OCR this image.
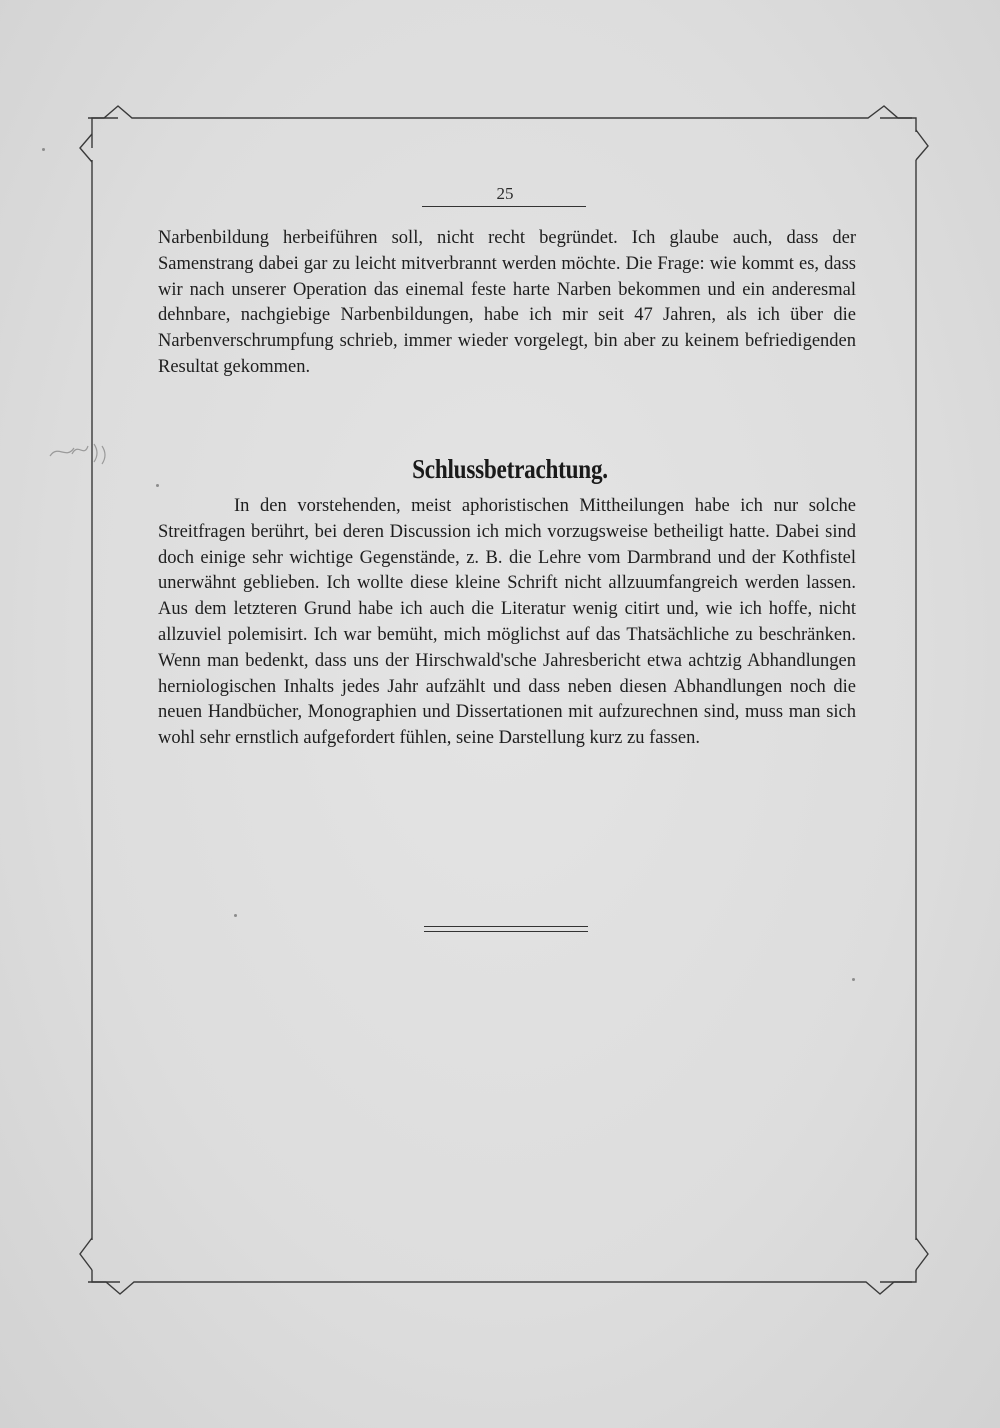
25

Narbenbildung herbeiführen soll, nicht recht begründet. Ich glaube auch, dass der Samenstrang dabei gar zu leicht mitverbrannt werden möchte. Die Frage: wie kommt es, dass wir nach unserer Operation das einemal feste harte Narben bekommen und ein anderesmal dehnbare, nachgiebige Narbenbildungen, habe ich mir seit 47 Jahren, als ich über die Narbenverschrumpfung schrieb, immer wieder vorgelegt, bin aber zu keinem befriedigenden Resultat gekommen.

Schlussbetrachtung.

In den vorstehenden, meist aphoristischen Mittheilungen habe ich nur solche Streitfragen berührt, bei deren Discussion ich mich vorzugsweise betheiligt hatte. Dabei sind doch einige sehr wichtige Gegenstände, z. B. die Lehre vom Darmbrand und der Kothfistel unerwähnt geblieben. Ich wollte diese kleine Schrift nicht allzuumfangreich werden lassen. Aus dem letzteren Grund habe ich auch die Literatur wenig citirt und, wie ich hoffe, nicht allzuviel polemisirt. Ich war bemüht, mich möglichst auf das Thatsächliche zu beschränken. Wenn man bedenkt, dass uns der Hirschwald'sche Jahresbericht etwa achtzig Abhandlungen herniologischen Inhalts jedes Jahr aufzählt und dass neben diesen Abhandlungen noch die neuen Handbücher, Monographien und Dissertationen mit aufzurechnen sind, muss man sich wohl sehr ernstlich aufgefordert fühlen, seine Darstellung kurz zu fassen.
